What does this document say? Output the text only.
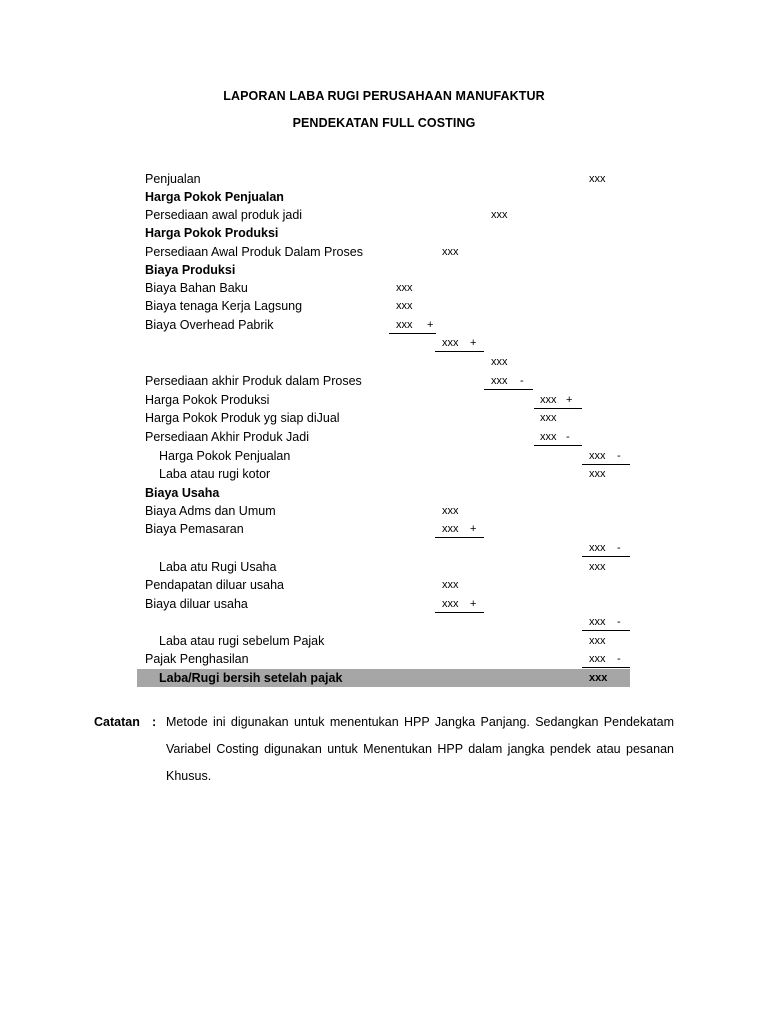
LAPORAN LABA RUGI PERUSAHAAN MANUFAKTUR
PENDEKATAN FULL COSTING
Penjualan	xxx
Harga Pokok Penjualan
Persediaan awal produk jadi	xxx
Harga Pokok Produksi
Persediaan Awal Produk Dalam Proses	xxx
Biaya Produksi
Biaya Bahan Baku	xxx
Biaya tenaga Kerja Lagsung	xxx
Biaya Overhead Pabrik	xxx +
xxx +
xxx
Persediaan akhir Produk dalam Proses	xxx -
Harga Pokok Produksi	xxx +
Harga Pokok Produk yg siap diJual	xxx
Persediaan Akhir Produk Jadi	xxx -
Harga Pokok Penjualan	xxx -
Laba atau rugi kotor	xxx
Biaya Usaha
Biaya Adms dan Umum	xxx
Biaya Pemasaran	xxx +
xxx -
Laba atu Rugi Usaha	xxx
Pendapatan diluar usaha	xxx
Biaya diluar usaha	xxx +
xxx -
Laba atau rugi sebelum Pajak	xxx
Pajak Penghasilan	xxx -
Laba/Rugi bersih setelah pajak	xxx
Catatan : Metode ini digunakan untuk menentukan HPP Jangka Panjang. Sedangkan Pendekatam Variabel Costing digunakan untuk Menentukan HPP dalam jangka pendek atau pesanan Khusus.
